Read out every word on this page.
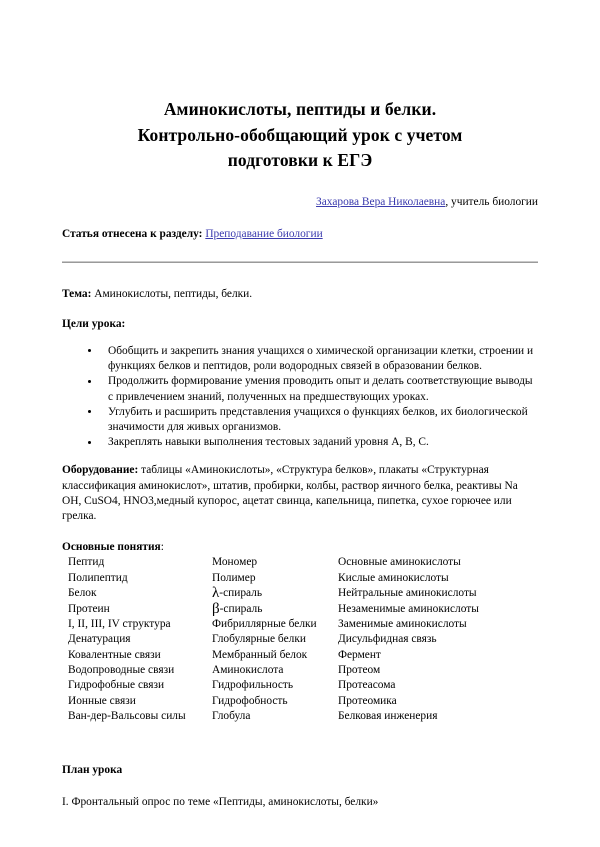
Аминокислоты, пептиды и белки.
Контрольно-обобщающий урок с учетом
подготовки к ЕГЭ

Захарова Вера Николаевна, учитель биологии

Статья отнесена к разделу: Преподавание биологии

Тема: Аминокислоты, пептиды, белки.

Цели урока:

Обобщить и закрепить знания учащихся о химической организации клетки, строении и функциях белков и пептидов, роли водородных связей в образовании белков.
Продолжить формирование умения проводить опыт и делать соответствующие выводы с привлечением знаний, полученных на предшествующих уроках.
Углубить и расширить представления учащихся о функциях белков, их биологической значимости для живых организмов.
Закреплять навыки выполнения тестовых заданий уровня А, В, С.

Оборудование: таблицы «Аминокислоты», «Структура белков», плакаты «Структурная классификация аминокислот», штатив, пробирки, колбы, раствор яичного белка, реактивы Na OH, CuSO4, HNO3,медный купорос, ацетат свинца, капельница, пипетка, сухое горючее или грелка.

Основные понятия:

Пептид
Полипептид
Белок
Протеин
I, II, III, IV структура
Денатурация
Ковалентные связи
Водопроводные связи
Гидрофобные связи
Ионные связи
Ван-дер-Вальсовы силы
Мономер
Полимер
λ-спираль
β-спираль
Фибриллярные белки
Глобулярные белки
Мембранный белок
Аминокислота
Гидрофильность
Гидрофобность
Глобула
Основные аминокислоты
Кислые аминокислоты
Нейтральные аминокислоты
Незаменимые аминокислоты
Заменимые аминокислоты
Дисульфидная связь
Фермент
Протеом
Протеасома
Протеомика
Белковая инженерия

План урока

I. Фронтальный опрос по теме «Пептиды, аминокислоты, белки»
